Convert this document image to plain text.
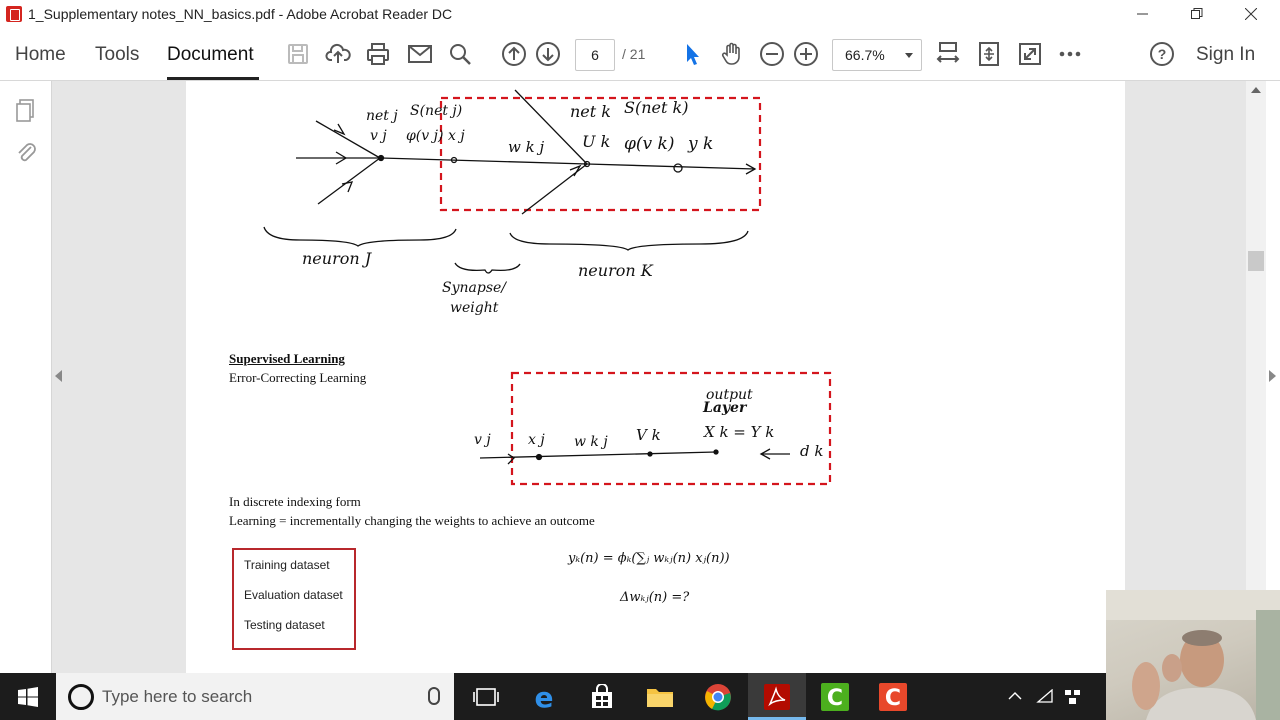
1_Supplementary notes_NN_basics.pdf - Adobe Acrobat Reader DC
Home Tools Document	6	/ 21	66.7%	? Sign In
net j S(net j)
v j φ(v j) x j
w k j
net k S(net k)
U k φ(v k) y k
neuron J
neuron K
Synapse/
weight
Supervised Learning
Error-Correcting Learning
output
Layer
v j	x j w k j V k	X k = Y k
d k
In discrete indexing form
Learning = incrementally changing the weights to achieve an outcome
Training dataset
Evaluation dataset
Testing dataset
yₖ(n) = ϕₖ(∑ⱼ wₖⱼ(n) xⱼ(n))
Δwₖⱼ(n) =?
Type here to search	e	C C
